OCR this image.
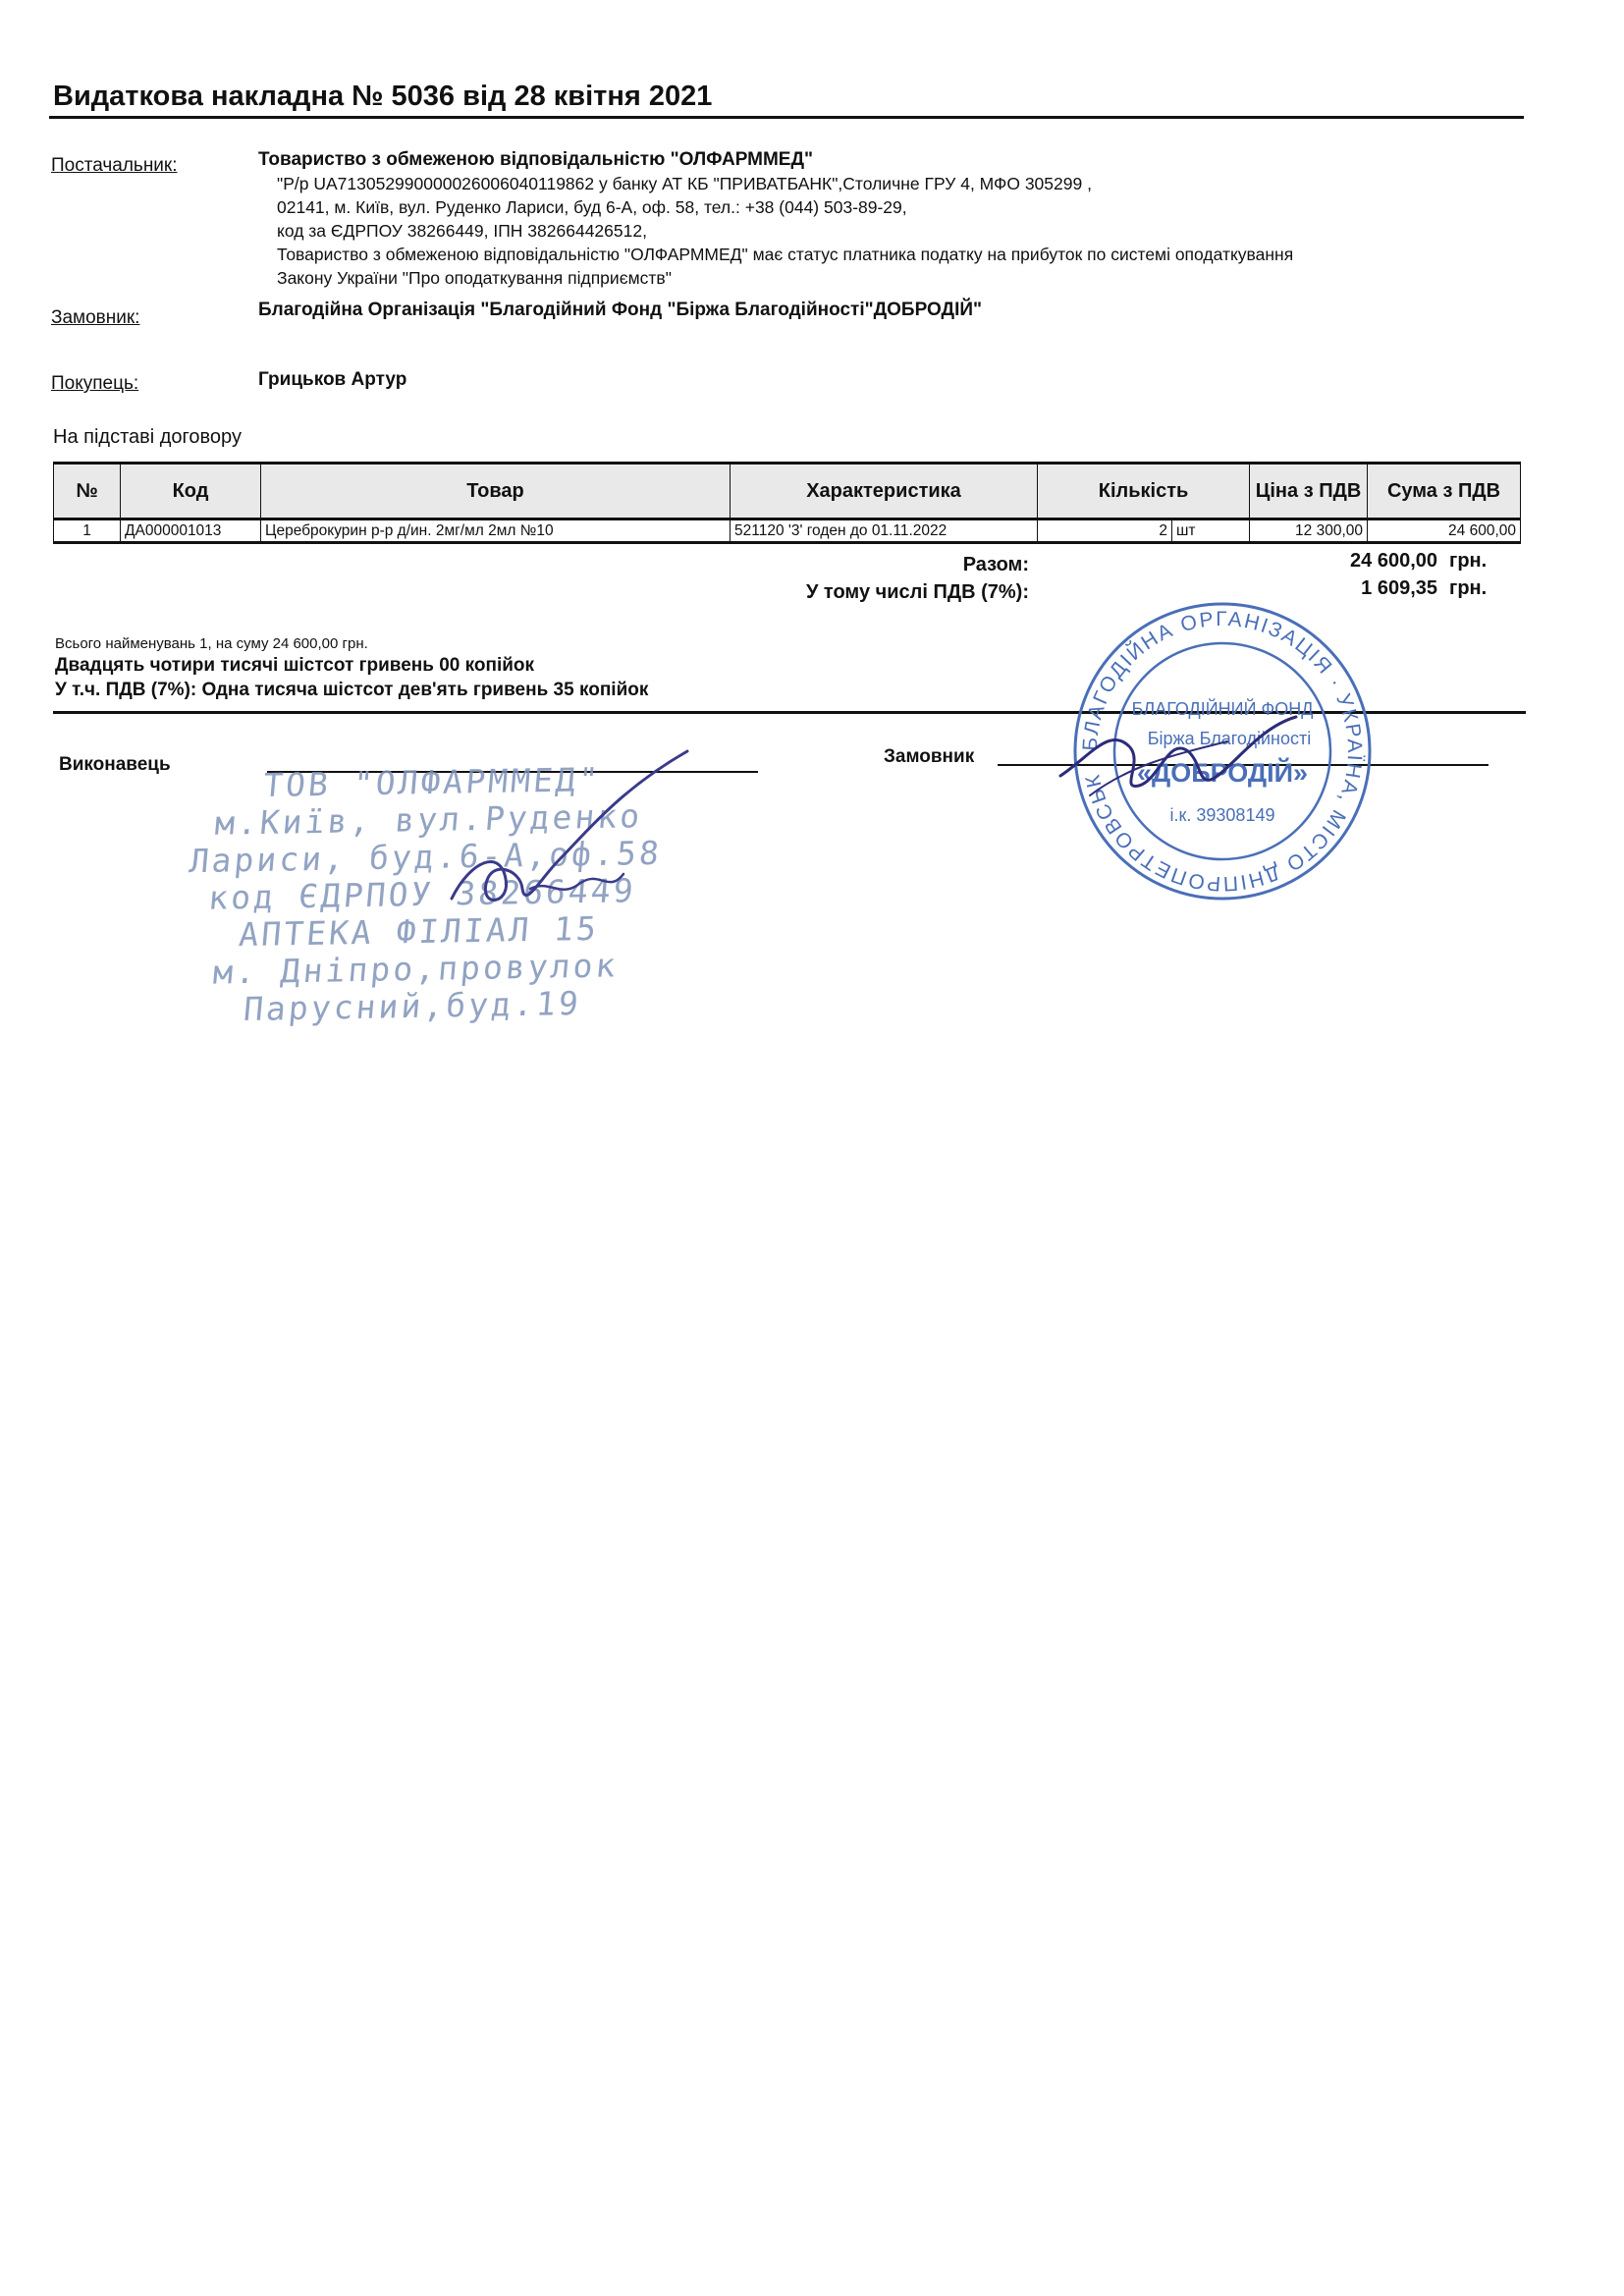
Видаткова накладна № 5036 від 28 квітня 2021
Постачальник:	Товариство з обмеженою відповідальністю "ОЛФАРММЕД"
"Р/р UA713052990000026006040119862 у банку АТ КБ "ПРИВАТБАНК",Столичне ГРУ 4, МФО 305299 ,
02141, м. Київ, вул. Руденко Лариси, буд 6-А, оф. 58, тел.: +38 (044) 503-89-29,
код за ЄДРПОУ 38266449, ІПН 382664426512,
Товариство з обмеженою відповідальністю "ОЛФАРММЕД" має статус платника податку на прибуток по системі оподаткування
Закону України "Про оподаткування підприємств"
Замовник:	Благодійна Організація "Благодійний Фонд "Біржа Благодійності"ДОБРОДІЙ"
Покупець:	Грицьков Артур
На підставі договору
№	Код	Товар	Характеристика	Кількість		Ціна з ПДВ	Сума з ПДВ
1	ДА000001013	Цереброкурин р-р д/ин. 2мг/мл 2мл №10	521120 '3' годен до 01.11.2022	2	шт	12 300,00	24 600,00
Разом:	24 600,00 грн.
У тому числі ПДВ (7%):	1 609,35 грн.
Всього найменувань 1, на суму 24 600,00 грн.
Двадцять чотири тисячі шістсот гривень 00 копійок
У т.ч. ПДВ (7%): Одна тисяча шістсот дев'ять гривень 35 копійок
Виконавець	Замовник
ТОВ "ОЛФАРММЕД"
м.Київ, вул.Руденко
Лариси, буд.6-А,оф.58
код ЄДРПОУ 38266449
АПТЕКА ФІЛІАЛ 15
м. Дніпро,провулок
Парусний,буд.19
БЛАГОДІЙНА ОРГАНІЗАЦІЯ · УКРАЇНА, МІСТО ДНІПРОПЕТРОВСЬК
БЛАГОДІЙНИЙ ФОНД
Біржа Благодійності
«ДОБРОДІЙ»
і.к. 39308149
